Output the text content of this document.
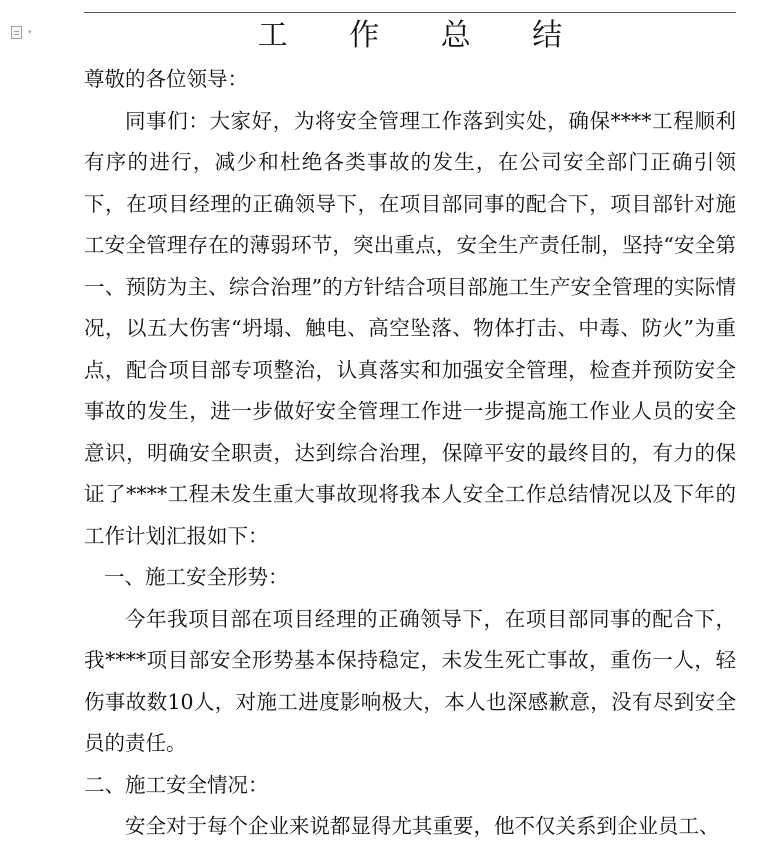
▾	工 作 总 结

尊敬的各位领导：

同事们：大家好，为将安全管理工作落到实处，确保****工程顺利有序的进行，减少和杜绝各类事故的发生，在公司安全部门正确引领下，在项目经理的正确领导下，在项目部同事的配合下，项目部针对施工安全管理存在的薄弱环节，突出重点，安全生产责任制，坚持“安全第一、预防为主、综合治理”的方针结合项目部施工生产安全管理的实际情况，以五大伤害“坍塌、触电、高空坠落、物体打击、中毒、防火”为重点，配合项目部专项整治，认真落实和加强安全管理，检查并预防安全事故的发生，进一步做好安全管理工作进一步提高施工作业人员的安全意识，明确安全职责，达到综合治理，保障平安的最终目的，有力的保证了****工程未发生重大事故现将我本人安全工作总结情况以及下年的工作计划汇报如下：

一、施工安全形势：

今年我项目部在项目经理的正确领导下，在项目部同事的配合下，我****项目部安全形势基本保持稳定，未发生死亡事故，重伤一人，轻伤事故数10人，对施工进度影响极大，本人也深感歉意，没有尽到安全员的责任。

二、施工安全情况：

安全对于每个企业来说都显得尤其重要，他不仅关系到企业员工、
